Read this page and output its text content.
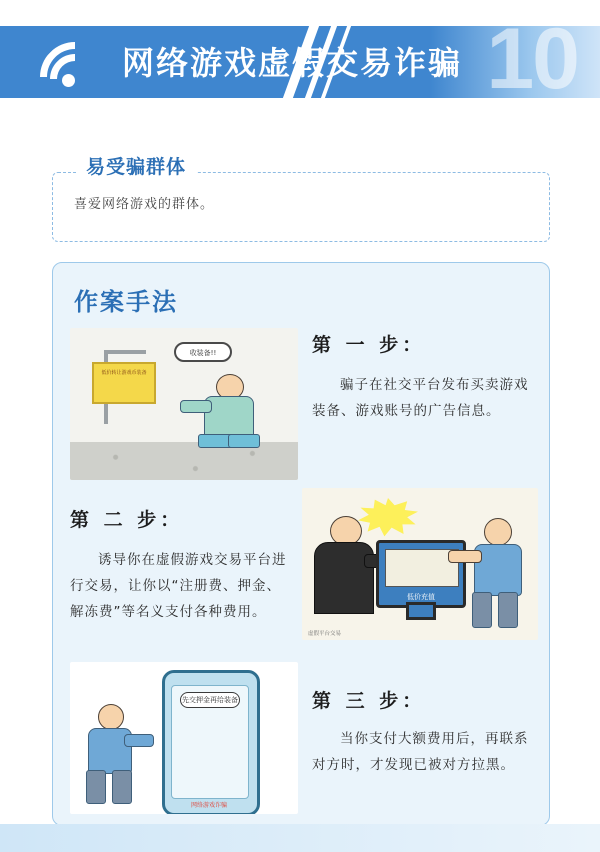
网络游戏虚假交易诈骗 10
易受骗群体
喜爱网络游戏的群体。
作案手法
低价转让游戏币装备
收装备!!	第 一 步：
骗子在社交平台发布买卖游戏装备、游戏账号的广告信息。
第 二 步：
诱导你在虚假游戏交易平台进行交易，让你以“注册费、押金、解冻费”等名义支付各种费用。
低价充值
虚假平台交易
先交押金再给装备
网络游戏诈骗
第 三 步：
当你支付大额费用后，再联系对方时，才发现已被对方拉黑。
